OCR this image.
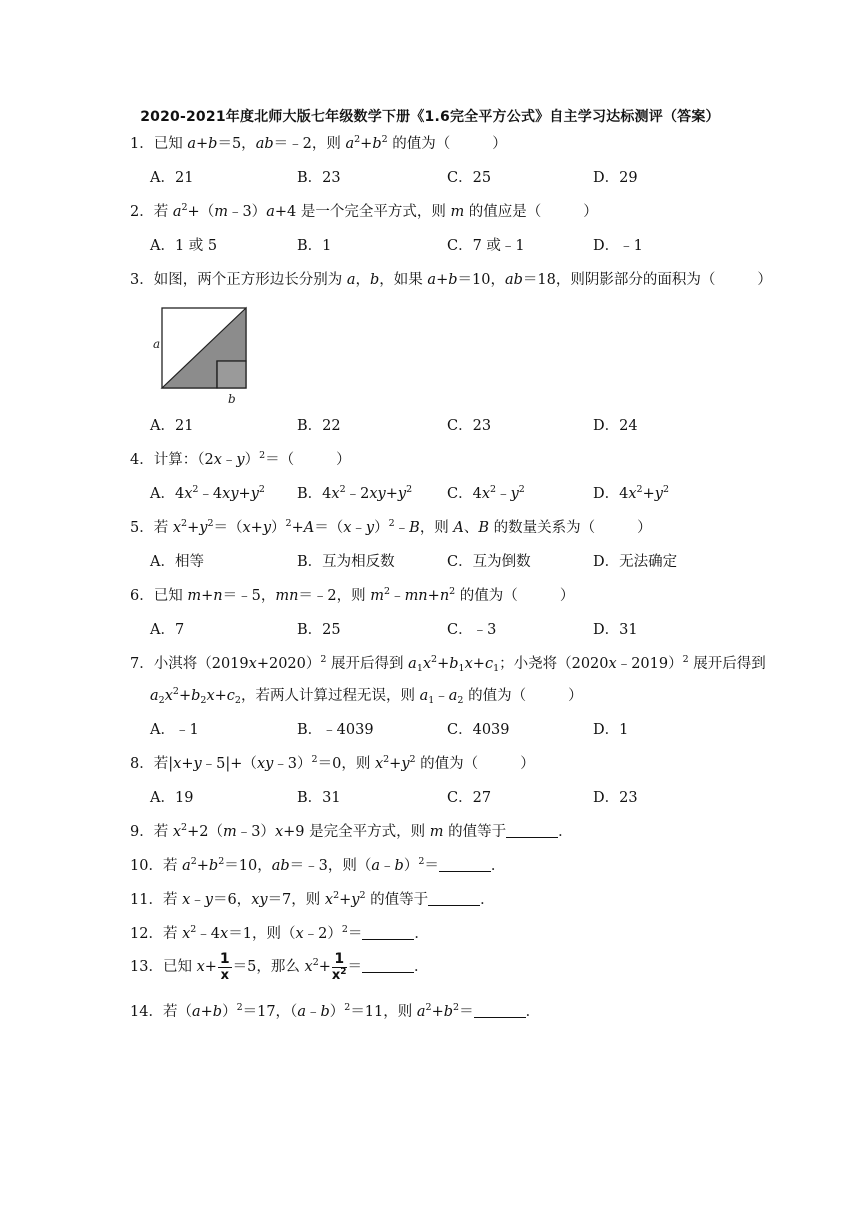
2020-2021年度北师大版七年级数学下册《1.6完全平方公式》自主学习达标测评（答案）
1．已知 a+b＝5，ab＝﹣2，则 $a^2+b^2$ 的值为（	）
A．21	B．23	C．25	D．29
2．若 $a^2+(m﹣3)a+4$ 是一个完全平方式，则 m 的值应是（	）
A．1 或 5	B．1	C．7 或﹣1	D．﹣1
3．如图，两个正方形边长分别为 a，b，如果 a+b＝10，ab＝18，则阴影部分的面积为（	）
a
b
A．21	B．22	C．23	D．24
4．计算：（2x﹣y）$^2$＝（	）
A．$4x^2﹣4xy+y^2$ B．$4x^2﹣2xy+y^2$ C．$4x^2﹣y^2$	D．$4x^2+y^2$
5．若 $x^2+y^2=(x+y)^2+A=(x﹣y)^2﹣B$，则 A、B 的数量关系为（	）
A．相等	B．互为相反数	C．互为倒数	D．无法确定
6．已知 m+n＝﹣5，mn＝﹣2，则 $m^2﹣mn+n^2$ 的值为（	）
A．7	B．25	C．﹣3	D．31
7．小淇将$(2019x+2020)^2$ 展开后得到 $a_1x^2+b_1x+c_1$；小尧将（2020x﹣2019）$^2$ 展开后得到
$a_2x^2+b_2x+c_2$，若两人计算过程无误，则 $a_1﹣a_2$ 的值为（	）
A．﹣1	B．﹣4039	C．4039	D．1
8．若|x+y﹣5|+（xy﹣3）$^2$＝0，则 $x^2+y^2$ 的值为（	）
A．19	B．31	C．27	D．23
9．若 $x^2+2(m﹣3)x+9$ 是完全平方式，则 m 的值等于	．
10．若 $a^2+b^2=10$，ab＝﹣3，则（a﹣b）$^2$＝	．
11．若 x﹣y＝6，xy＝7，则 $x^2+y^2$ 的值等于	．
12．若 $x^2﹣4x=1$，则（x﹣2）$^2$＝	．
13．已知 $x+ \frac{1}{x} =5$，那么 $x^2+ \frac{1}{x^2}$ ＝	．
14．若$(a+b)^2=17$，（a﹣b）$^2$＝11，则 $a^2+b^2=$	．
